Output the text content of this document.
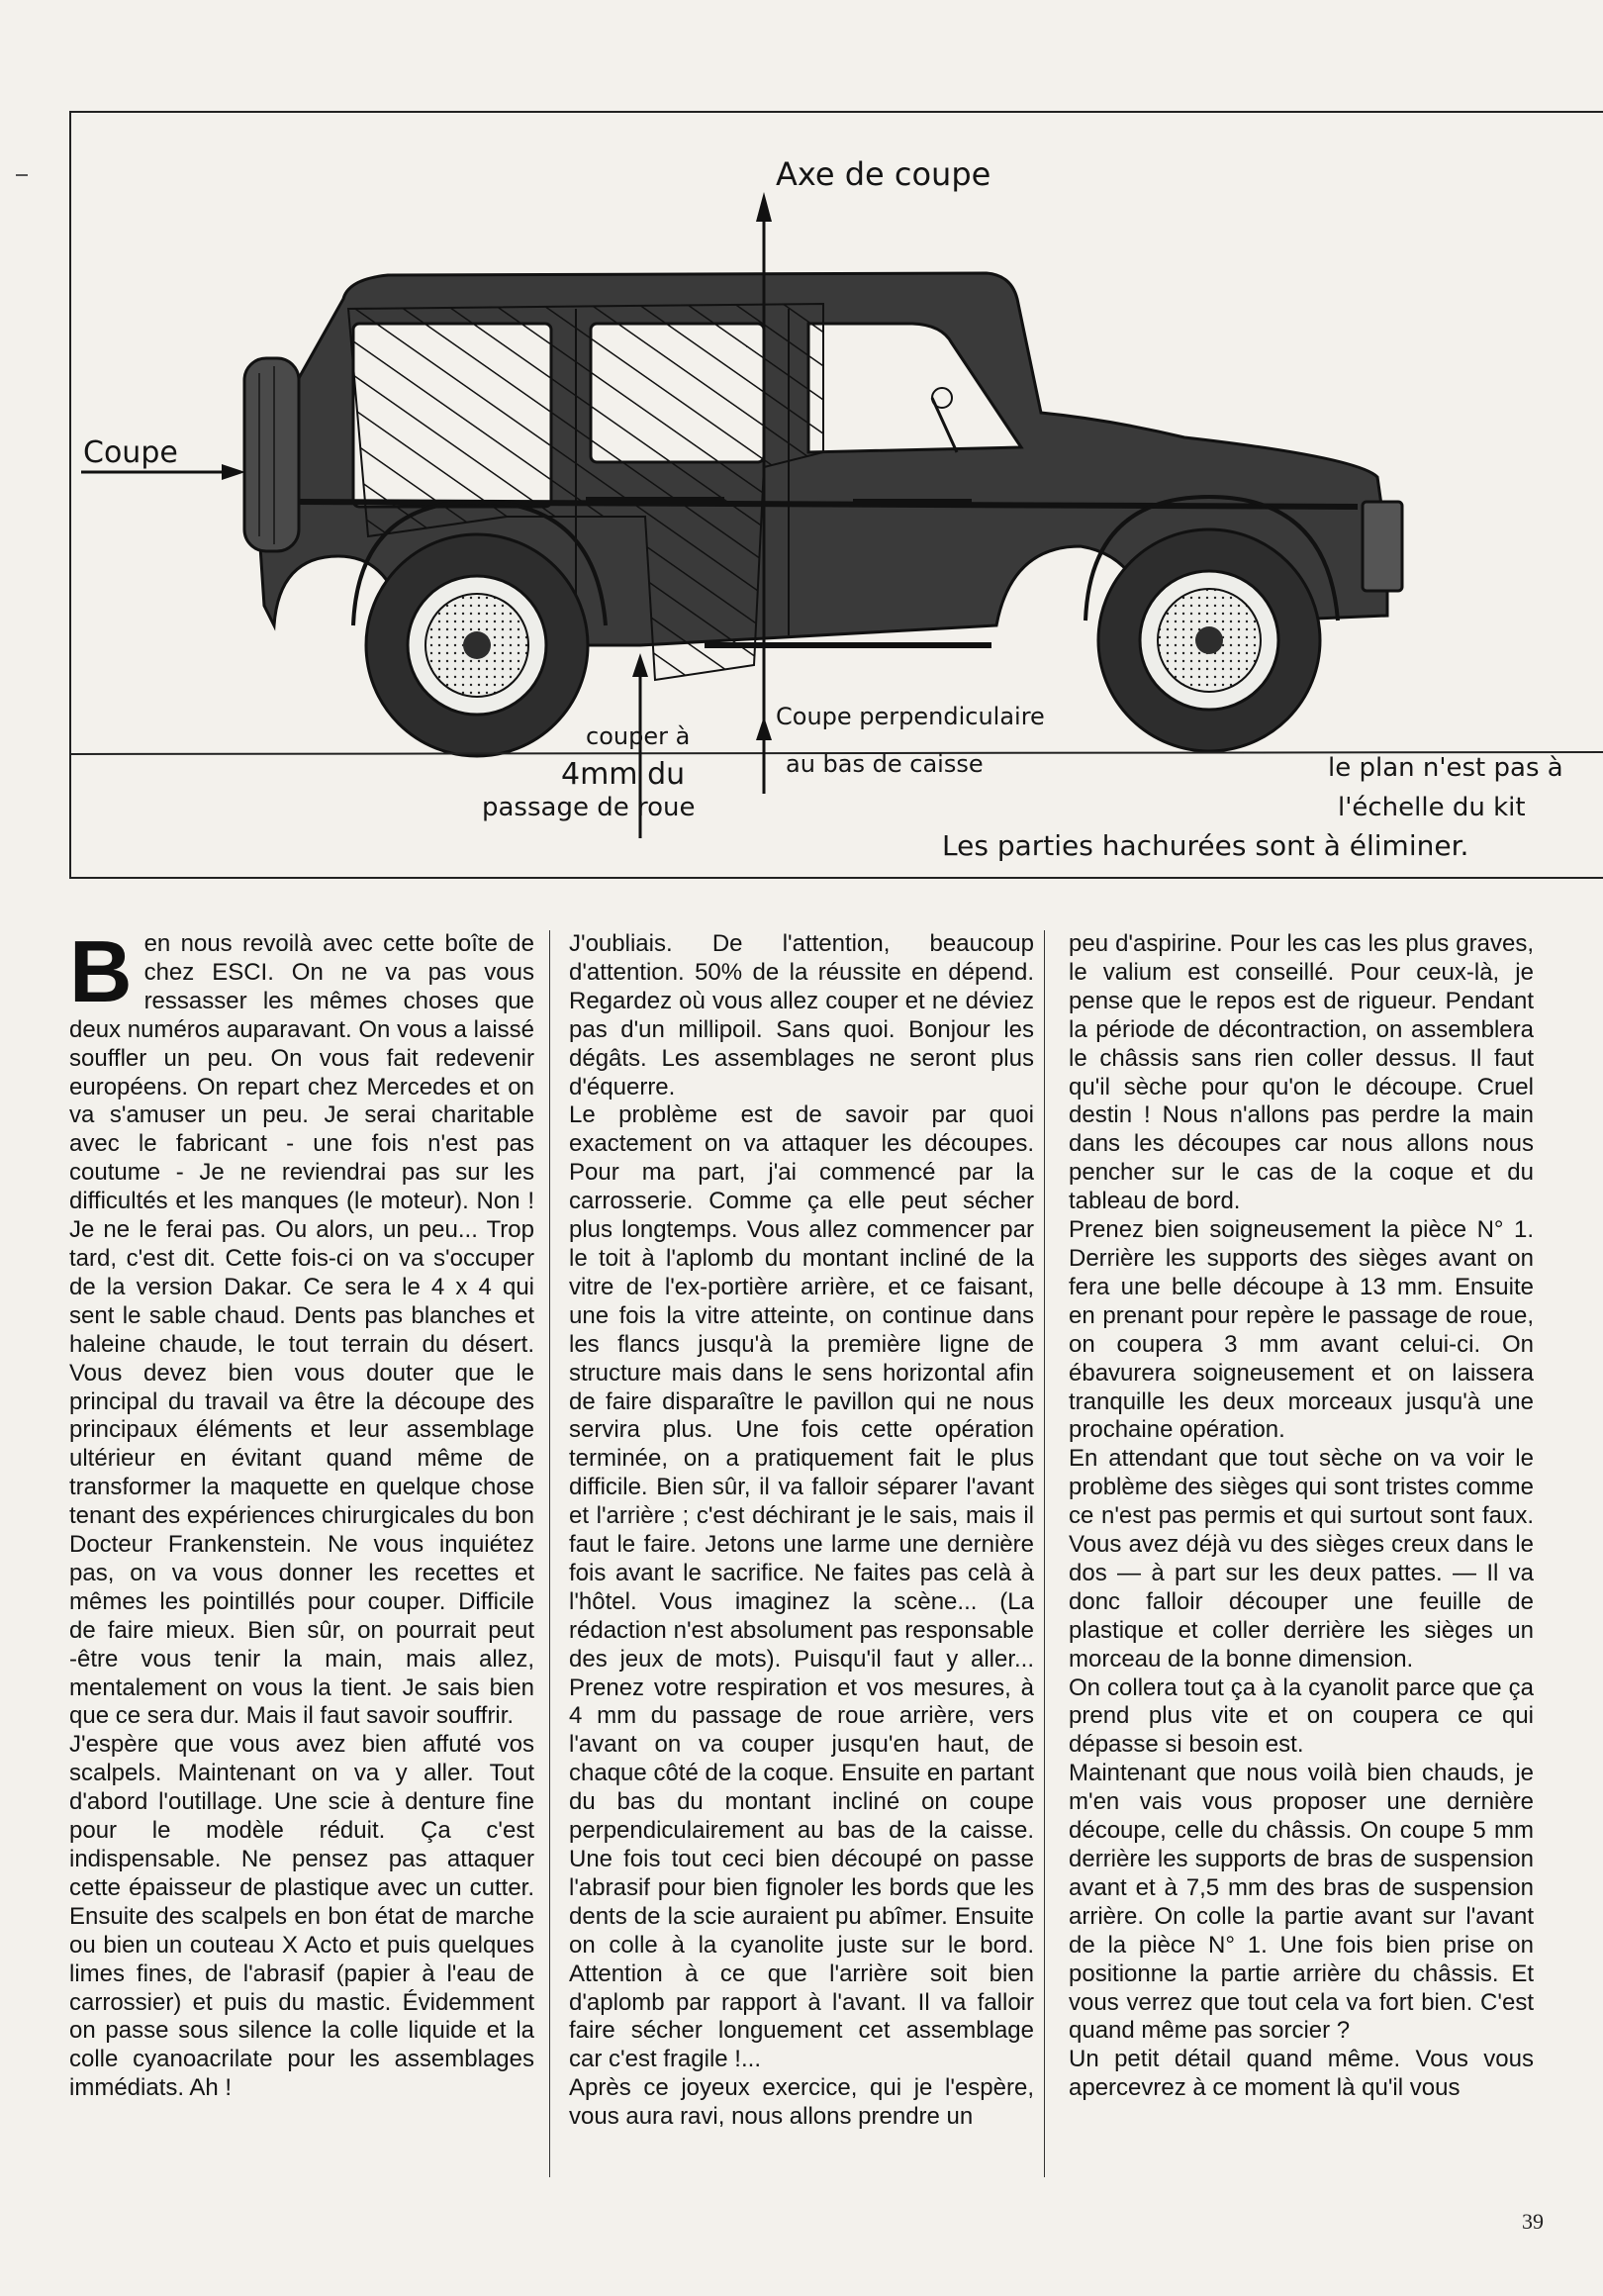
Axe de coupe
Coupe
couper à
4mm du
passage de roue
Coupe perpendiculaire
au bas de caisse	le plan n'est pas à
l'échelle du kit
Les parties hachurées sont à éliminer.

Ben nous revoilà avec cette boîte de chez ESCI. On ne va pas vous ressasser les mêmes choses que deux numéros auparavant. On vous a laissé souffler un peu. On vous fait redevenir européens. On repart chez Mercedes et on va s'amuser un peu. Je serai charitable avec le fabricant - une fois n'est pas coutume - Je ne reviendrai pas sur les difficultés et les manques (le moteur). Non ! Je ne le ferai pas. Ou alors, un peu... Trop tard, c'est dit. Cette fois-ci on va s'occuper de la version Dakar. Ce sera le 4 x 4 qui sent le sable chaud. Dents pas blanches et haleine chaude, le tout terrain du désert. Vous devez bien vous douter que le principal du travail va être la découpe des principaux éléments et leur assemblage ultérieur en évitant quand même de transformer la maquette en quelque chose tenant des expériences chirurgicales du bon Docteur Frankenstein. Ne vous inquiétez pas, on va vous donner les recettes et mêmes les pointillés pour couper. Difficile de faire mieux. Bien sûr, on pourrait peut -être vous tenir la main, mais allez, mentalement on vous la tient. Je sais bien que ce sera dur. Mais il faut savoir souffrir.

J'espère que vous avez bien affuté vos scalpels. Maintenant on va y aller. Tout d'abord l'outillage. Une scie à denture fine pour le modèle réduit. Ça c'est indispensable. Ne pensez pas attaquer cette épaisseur de plastique avec un cutter. Ensuite des scalpels en bon état de marche ou bien un couteau X Acto et puis quelques limes fines, de l'abrasif (papier à l'eau de carrossier) et puis du mastic. Évidemment on passe sous silence la colle liquide et la colle cyanoacrilate pour les assemblages immédiats. Ah !

J'oubliais. De l'attention, beaucoup d'attention. 50% de la réussite en dépend. Regardez où vous allez couper et ne déviez pas d'un millipoil. Sans quoi. Bonjour les dégâts. Les assemblages ne seront plus d'équerre.

Le problème est de savoir par quoi exactement on va attaquer les découpes. Pour ma part, j'ai commencé par la carrosserie. Comme ça elle peut sécher plus longtemps. Vous allez commencer par le toit à l'aplomb du montant incliné de la vitre de l'ex-portière arrière, et ce faisant, une fois la vitre atteinte, on continue dans les flancs jusqu'à la première ligne de structure mais dans le sens horizontal afin de faire disparaître le pavillon qui ne nous servira plus. Une fois cette opération terminée, on a pratiquement fait le plus difficile. Bien sûr, il va falloir séparer l'avant et l'arrière ; c'est déchirant je le sais, mais il faut le faire. Jetons une larme une dernière fois avant le sacrifice. Ne faites pas celà à l'hôtel. Vous imaginez la scène... (La rédaction n'est absolument pas responsable des jeux de mots). Puisqu'il faut y aller... Prenez votre respiration et vos mesures, à 4 mm du passage de roue arrière, vers l'avant on va couper jusqu'en haut, de chaque côté de la coque. Ensuite en partant du bas du montant incliné on coupe perpendiculairement au bas de la caisse. Une fois tout ceci bien découpé on passe l'abrasif pour bien fignoler les bords que les dents de la scie auraient pu abîmer. Ensuite on colle à la cyanolite juste sur le bord. Attention à ce que l'arrière soit bien d'aplomb par rapport à l'avant. Il va falloir faire sécher longuement cet assemblage car c'est fragile !...

Après ce joyeux exercice, qui je l'espère, vous aura ravi, nous allons prendre un

peu d'aspirine. Pour les cas les plus graves, le valium est conseillé. Pour ceux-là, je pense que le repos est de rigueur. Pendant la période de décontraction, on assemblera le châssis sans rien coller dessus. Il faut qu'il sèche pour qu'on le découpe. Cruel destin ! Nous n'allons pas perdre la main dans les découpes car nous allons nous pencher sur le cas de la coque et du tableau de bord.

Prenez bien soigneusement la pièce N° 1. Derrière les supports des sièges avant on fera une belle découpe à 13 mm. Ensuite en prenant pour repère le passage de roue, on coupera 3 mm avant celui-ci. On ébavurera soigneusement et on laissera tranquille les deux morceaux jusqu'à une prochaine opération.

En attendant que tout sèche on va voir le problème des sièges qui sont tristes comme ce n'est pas permis et qui surtout sont faux. Vous avez déjà vu des sièges creux dans le dos — à part sur les deux pattes. — Il va donc falloir découper une feuille de plastique et coller derrière les sièges un morceau de la bonne dimension.

On collera tout ça à la cyanolit parce que ça prend plus vite et on coupera ce qui dépasse si besoin est.

Maintenant que nous voilà bien chauds, je m'en vais vous proposer une dernière découpe, celle du châssis. On coupe 5 mm derrière les supports de bras de suspension avant et à 7,5 mm des bras de suspension arrière. On colle la partie avant sur l'avant de la pièce N° 1. Une fois bien prise on positionne la partie arrière du châssis. Et vous verrez que tout cela va fort bien. C'est quand même pas sorcier ?

Un petit détail quand même. Vous vous apercevrez à ce moment là qu'il vous

39
